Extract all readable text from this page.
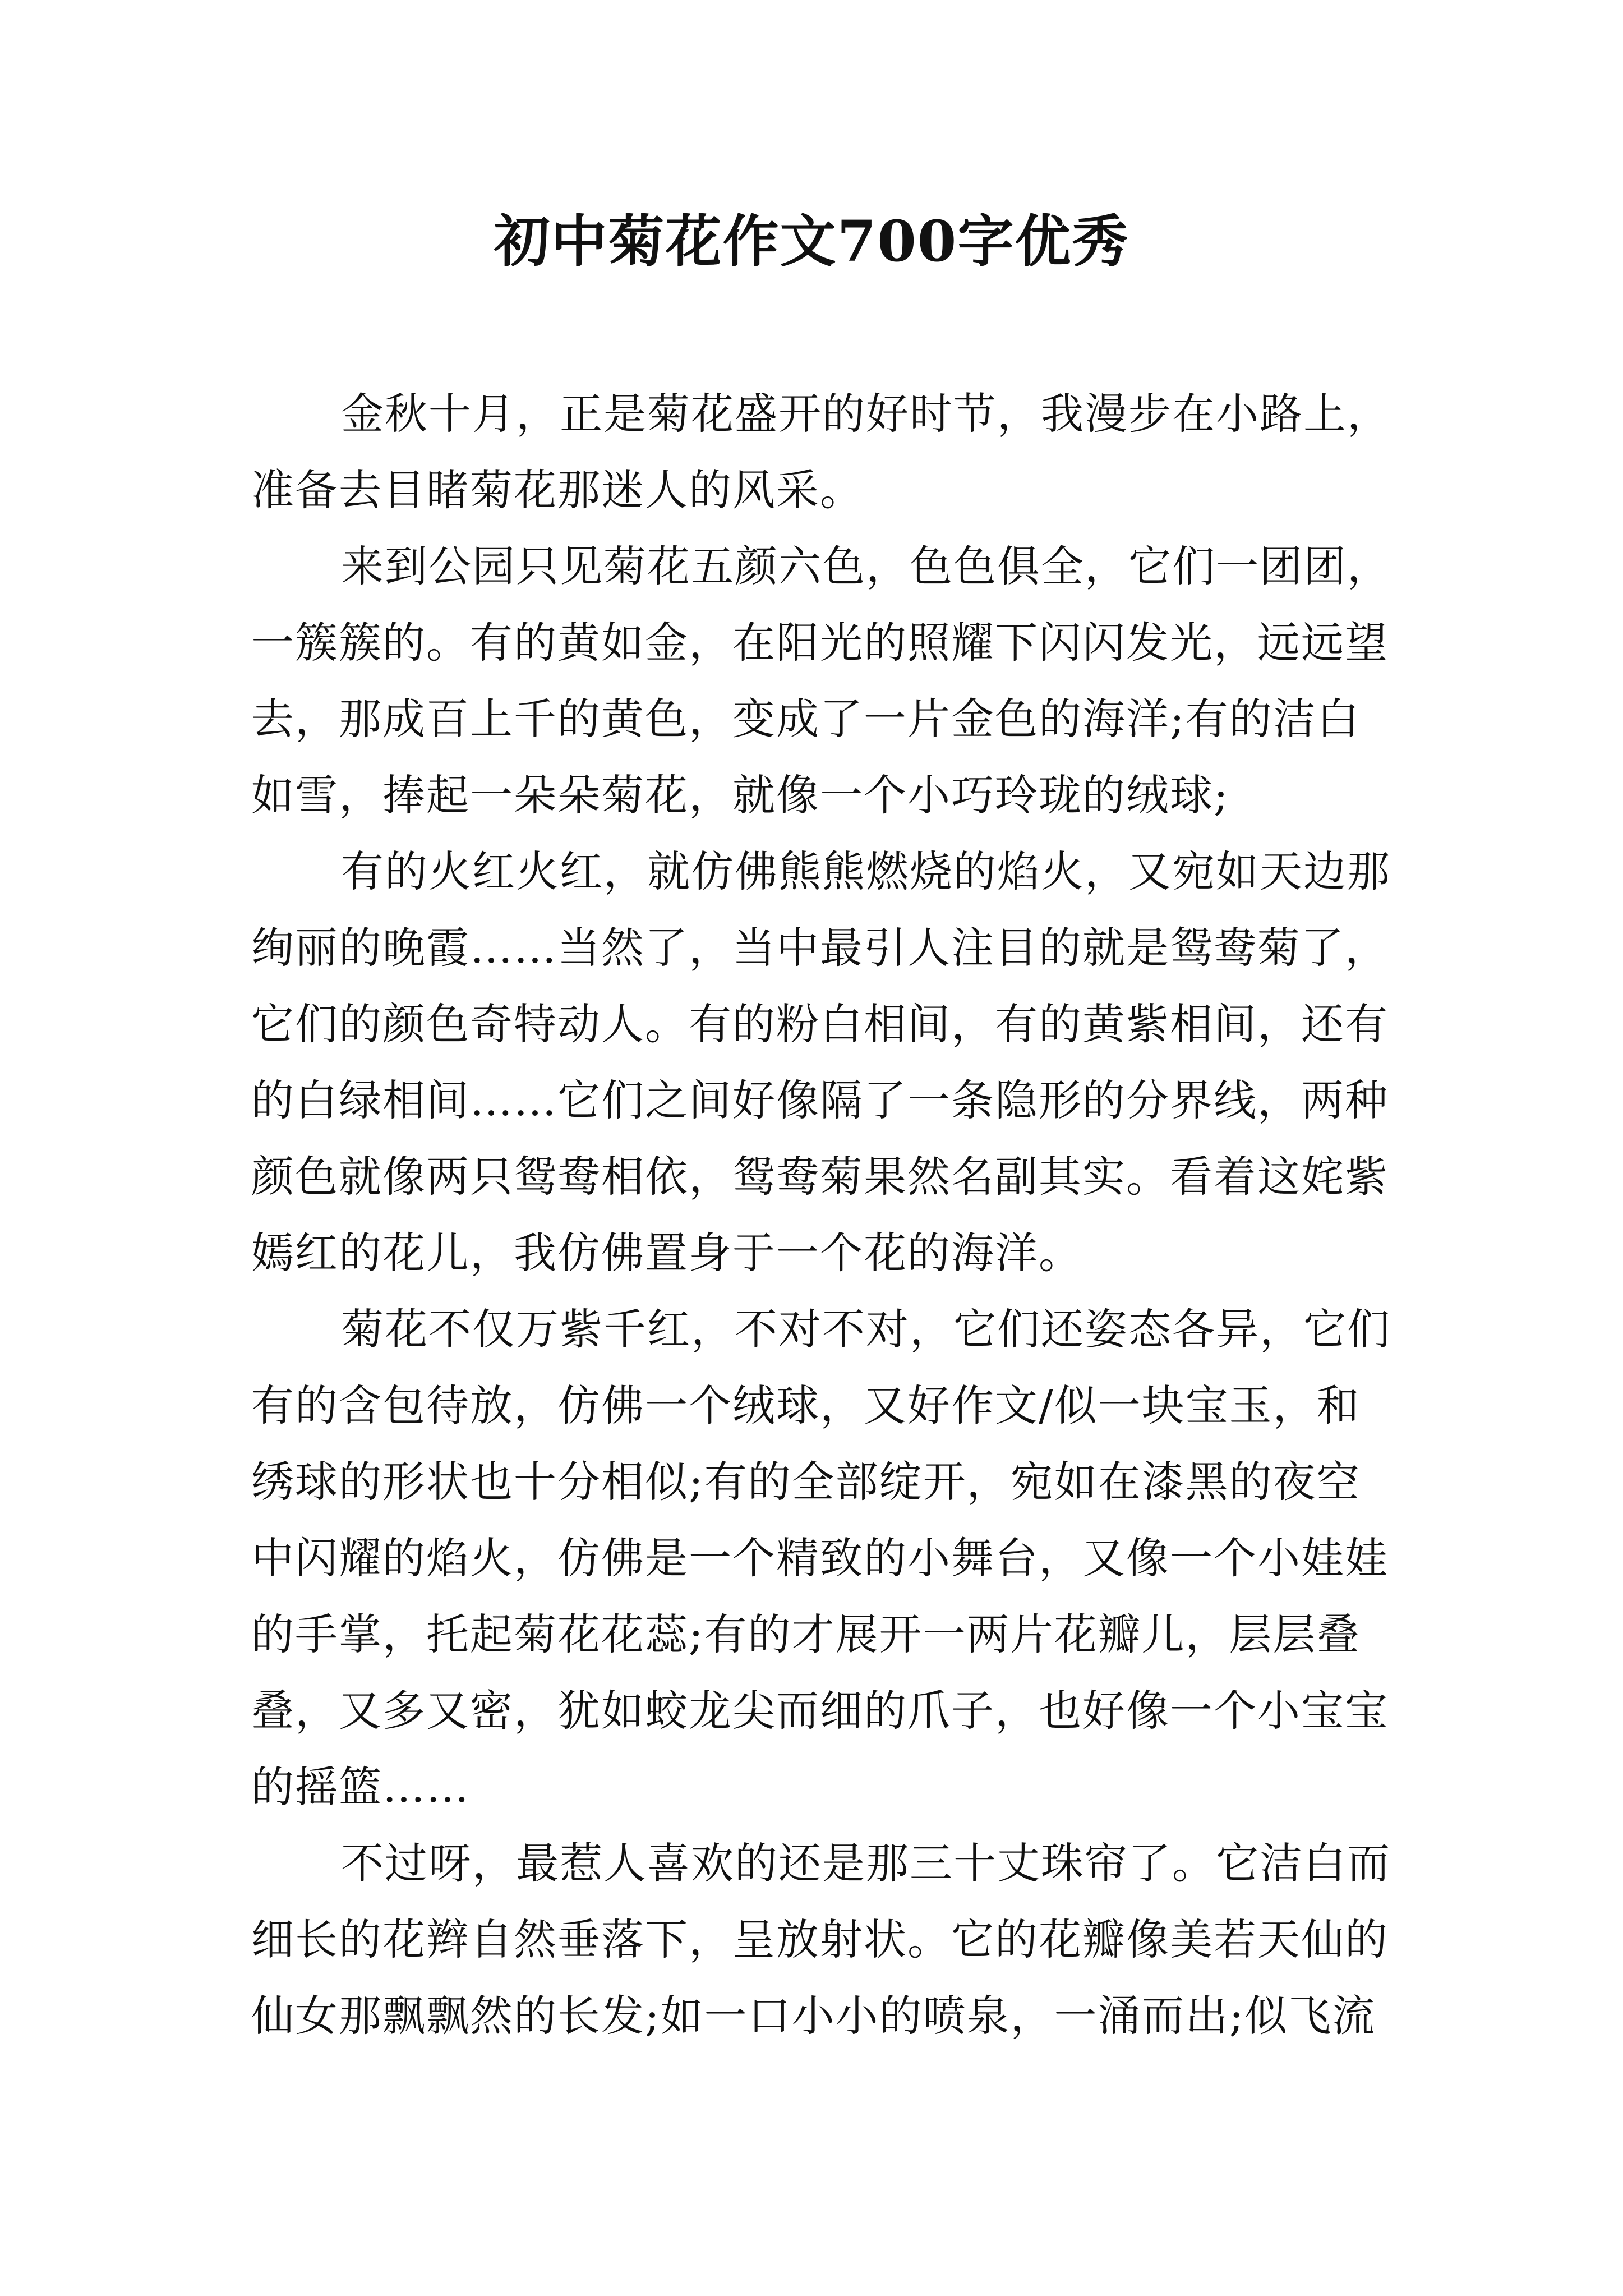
初中菊花作文700字优秀
金秋十月，正是菊花盛开的好时节，我漫步在小路上，
准备去目睹菊花那迷人的风采。
来到公园只见菊花五颜六色，色色俱全，它们一团团，
一簇簇的。有的黄如金，在阳光的照耀下闪闪发光，远远望
去，那成百上千的黄色，变成了一片金色的海洋;有的洁白
如雪，捧起一朵朵菊花，就像一个小巧玲珑的绒球;
有的火红火红，就仿佛熊熊燃烧的焰火，又宛如天边那
绚丽的晚霞……当然了，当中最引人注目的就是鸳鸯菊了，
它们的颜色奇特动人。有的粉白相间，有的黄紫相间，还有
的白绿相间……它们之间好像隔了一条隐形的分界线，两种
颜色就像两只鸳鸯相依，鸳鸯菊果然名副其实。看着这姹紫
嫣红的花儿，我仿佛置身于一个花的海洋。
菊花不仅万紫千红，不对不对，它们还姿态各异，它们
有的含包待放，仿佛一个绒球，又好作文/似一块宝玉，和
绣球的形状也十分相似;有的全部绽开，宛如在漆黑的夜空
中闪耀的焰火，仿佛是一个精致的小舞台，又像一个小娃娃
的手掌，托起菊花花蕊;有的才展开一两片花瓣儿，层层叠
叠，又多又密，犹如蛟龙尖而细的爪子，也好像一个小宝宝
的摇篮……
不过呀，最惹人喜欢的还是那三十丈珠帘了。它洁白而
细长的花辫自然垂落下，呈放射状。它的花瓣像美若天仙的
仙女那飘飘然的长发;如一口小小的喷泉，一涌而出;似飞流
